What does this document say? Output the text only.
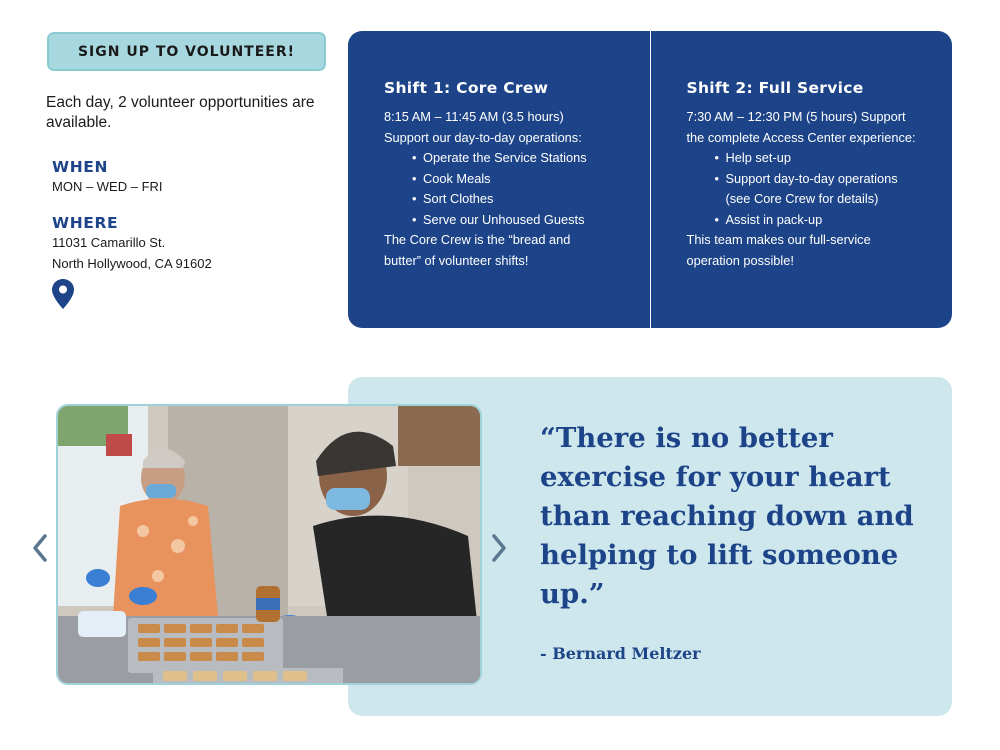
SIGN UP TO VOLUNTEER!

Each day, 2 volunteer opportunities are available.

WHEN
MON – WED – FRI
WHERE
11031 Camarillo St.
North Hollywood, CA 91602
Shift 1: Core Crew
8:15 AM – 11:45 AM (3.5 hours)
Support our day-to-day operations:
• Operate the Service Stations
• Cook Meals
• Sort Clothes
• Serve our Unhoused Guests
The Core Crew is the “bread and butter” of volunteer shifts!
Shift 2: Full Service
7:30 AM – 12:30 PM (5 hours) Support the complete Access Center experience:
• Help set-up
• Support day-to-day operations (see Core Crew for details)
• Assist in pack-up
This team makes our full-service operation possible!

“There is no better exercise for your heart than reaching down and helping to lift someone up.”

- Bernard Meltzer
